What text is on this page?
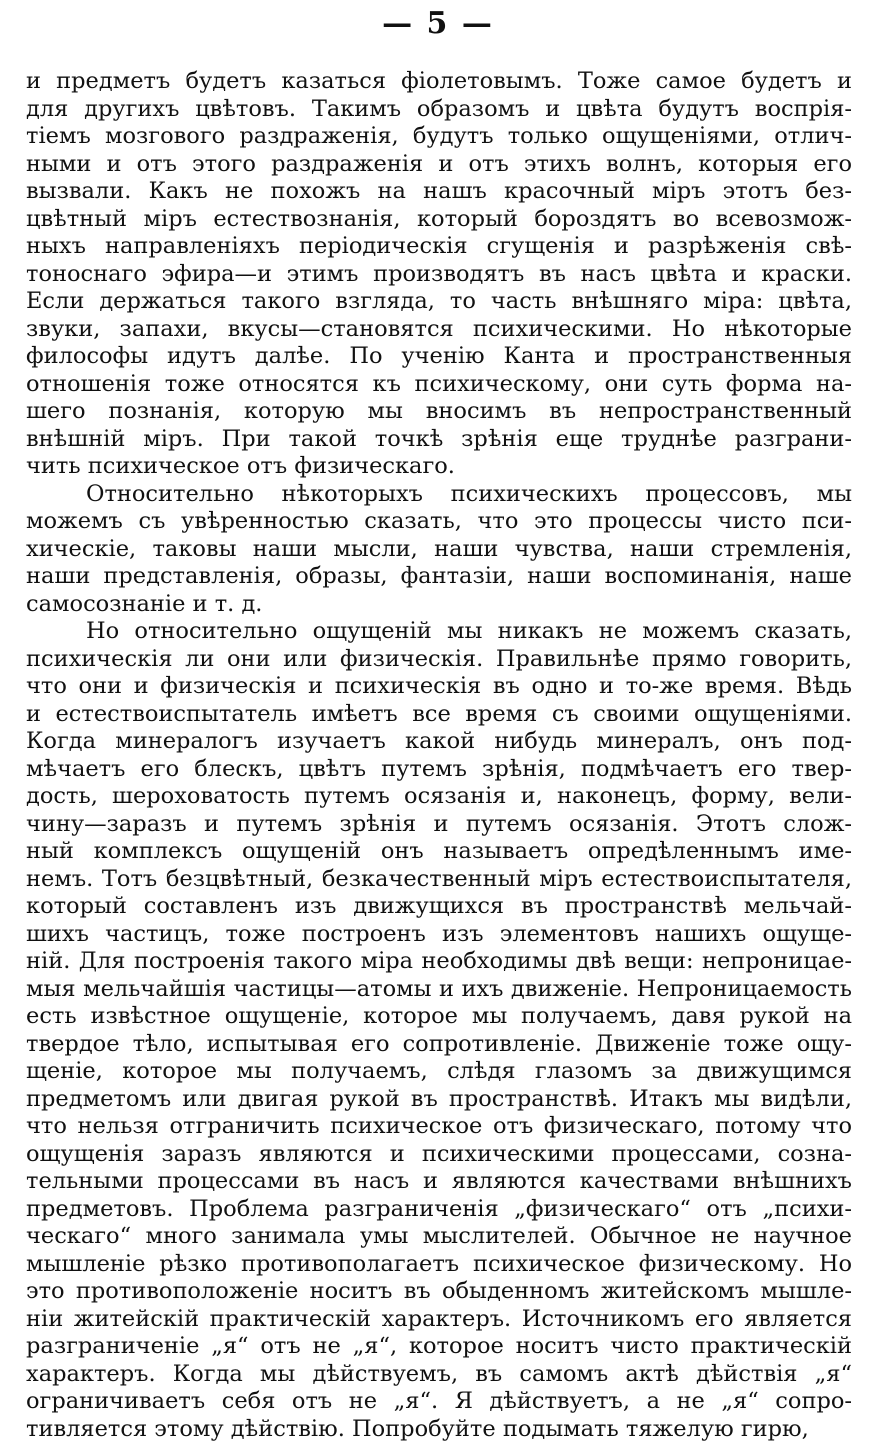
— 5 —
и предметъ будетъ казаться фіолетовымъ. Тоже самое будетъ и
для другихъ цвѣтовъ. Такимъ образомъ и цвѣта будутъ воспрія-
тіемъ мозгового раздраженія, будутъ только ощущеніями, отлич-
ными и отъ этого раздраженія и отъ этихъ волнъ, которыя его
вызвали. Какъ не похожъ на нашъ красочный міръ этотъ без-
цвѣтный міръ естествознанія, который бороздятъ во всевозмож-
ныхъ направленіяхъ періодическія сгущенія и разрѣженія свѣ-
тоноснаго эфира—и этимъ производятъ въ насъ цвѣта и краски.
Если держаться такого взгляда, то часть внѣшняго міра: цвѣта,
звуки, запахи, вкусы—становятся психическими. Но нѣкоторые
философы идутъ далѣе. По ученію Канта и пространственныя
отношенія тоже относятся къ психическому, они суть форма на-
шего познанія, которую мы вносимъ въ непространственный
внѣшній міръ. При такой точкѣ зрѣнія еще труднѣе разграни-
чить психическое отъ физическаго.
Относительно нѣкоторыхъ психическихъ процессовъ, мы
можемъ съ увѣренностью сказать, что это процессы чисто пси-
хическіе, таковы наши мысли, наши чувства, наши стремленія,
наши представленія, образы, фантазіи, наши воспоминанія, наше
самосознаніе и т. д.
Но относительно ощущеній мы никакъ не можемъ сказать,
психическія ли они или физическія. Правильнѣе прямо говорить,
что они и физическія и психическія въ одно и то-же время. Вѣдь
и естествоиспытатель имѣетъ все время съ своими ощущеніями.
Когда минералогъ изучаетъ какой нибудь минералъ, онъ под-
мѣчаетъ его блескъ, цвѣтъ путемъ зрѣнія, подмѣчаетъ его твер-
дость, шероховатость путемъ осязанія и, наконецъ, форму, вели-
чину—заразъ и путемъ зрѣнія и путемъ осязанія. Этотъ слож-
ный комплексъ ощущеній онъ называетъ опредѣленнымъ име-
немъ. Тотъ безцвѣтный, безкачественный міръ естествоиспытателя,
который составленъ изъ движущихся въ пространствѣ мельчай-
шихъ частицъ, тоже построенъ изъ элементовъ нашихъ ощуще-
ній. Для построенія такого міра необходимы двѣ вещи: непроницае-
мыя мельчайшія частицы—атомы и ихъ движеніе. Непроницаемость
есть извѣстное ощущеніе, которое мы получаемъ, давя рукой на
твердое тѣло, испытывая его сопротивленіе. Движеніе тоже ощу-
щеніе, которое мы получаемъ, слѣдя глазомъ за движущимся
предметомъ или двигая рукой въ пространствѣ. Итакъ мы видѣли,
что нельзя отграничить психическое отъ физическаго, потому что
ощущенія заразъ являются и психическими процессами, созна-
тельными процессами въ насъ и являются качествами внѣшнихъ
предметовъ. Проблема разграниченія „физическаго“ отъ „психи-
ческаго“ много занимала умы мыслителей. Обычное не научное
мышленіе рѣзко противополагаетъ психическое физическому. Но
это противоположеніе носитъ въ обыденномъ житейскомъ мышле-
ніи житейскій практическій характеръ. Источникомъ его является
разграниченіе „я“ отъ не „я“, которое носитъ чисто практическій
характеръ. Когда мы дѣйствуемъ, въ самомъ актѣ дѣйствія „я“
ограничиваетъ себя отъ не „я“. Я дѣйствуетъ, а не „я“ сопро-
тивляется этому дѣйствію. Попробуйте подымать тяжелую гирю,
